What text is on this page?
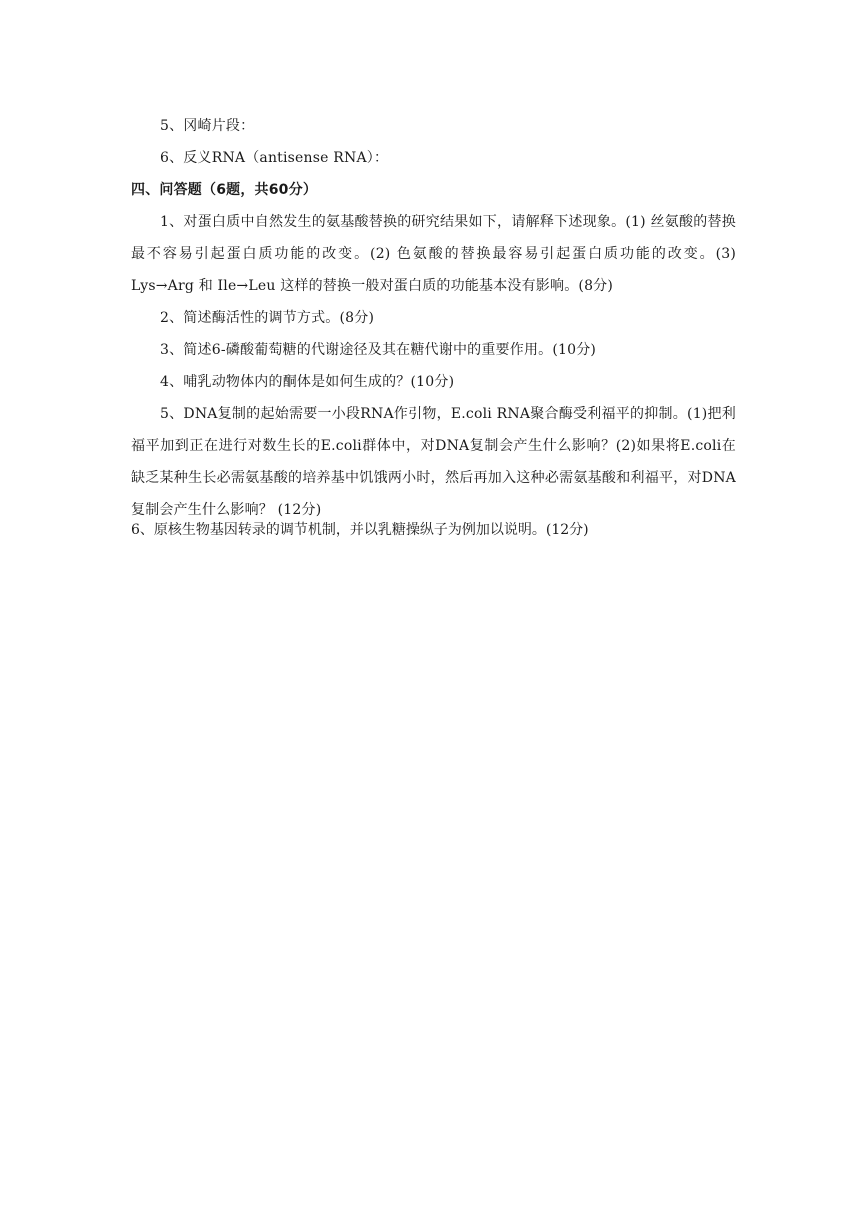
5、冈崎片段：
6、反义RNA（antisense RNA）：
四、问答题（6题，共60分）
1、对蛋白质中自然发生的氨基酸替换的研究结果如下，请解释下述现象。(1) 丝氨酸的替换最不容易引起蛋白质功能的改变。(2) 色氨酸的替换最容易引起蛋白质功能的改变。(3) Lys→Arg 和 Ile→Leu 这样的替换一般对蛋白质的功能基本没有影响。(8分)
2、简述酶活性的调节方式。(8分)
3、简述6-磷酸葡萄糖的代谢途径及其在糖代谢中的重要作用。(10分)
4、哺乳动物体内的酮体是如何生成的？(10分)
5、DNA复制的起始需要一小段RNA作引物，E.coli RNA聚合酶受利福平的抑制。(1)把利福平加到正在进行对数生长的E.coli群体中，对DNA复制会产生什么影响？(2)如果将E.coli在缺乏某种生长必需氨基酸的培养基中饥饿两小时，然后再加入这种必需氨基酸和利福平，对DNA复制会产生什么影响？ (12分)
6、原核生物基因转录的调节机制，并以乳糖操纵子为例加以说明。(12分)
